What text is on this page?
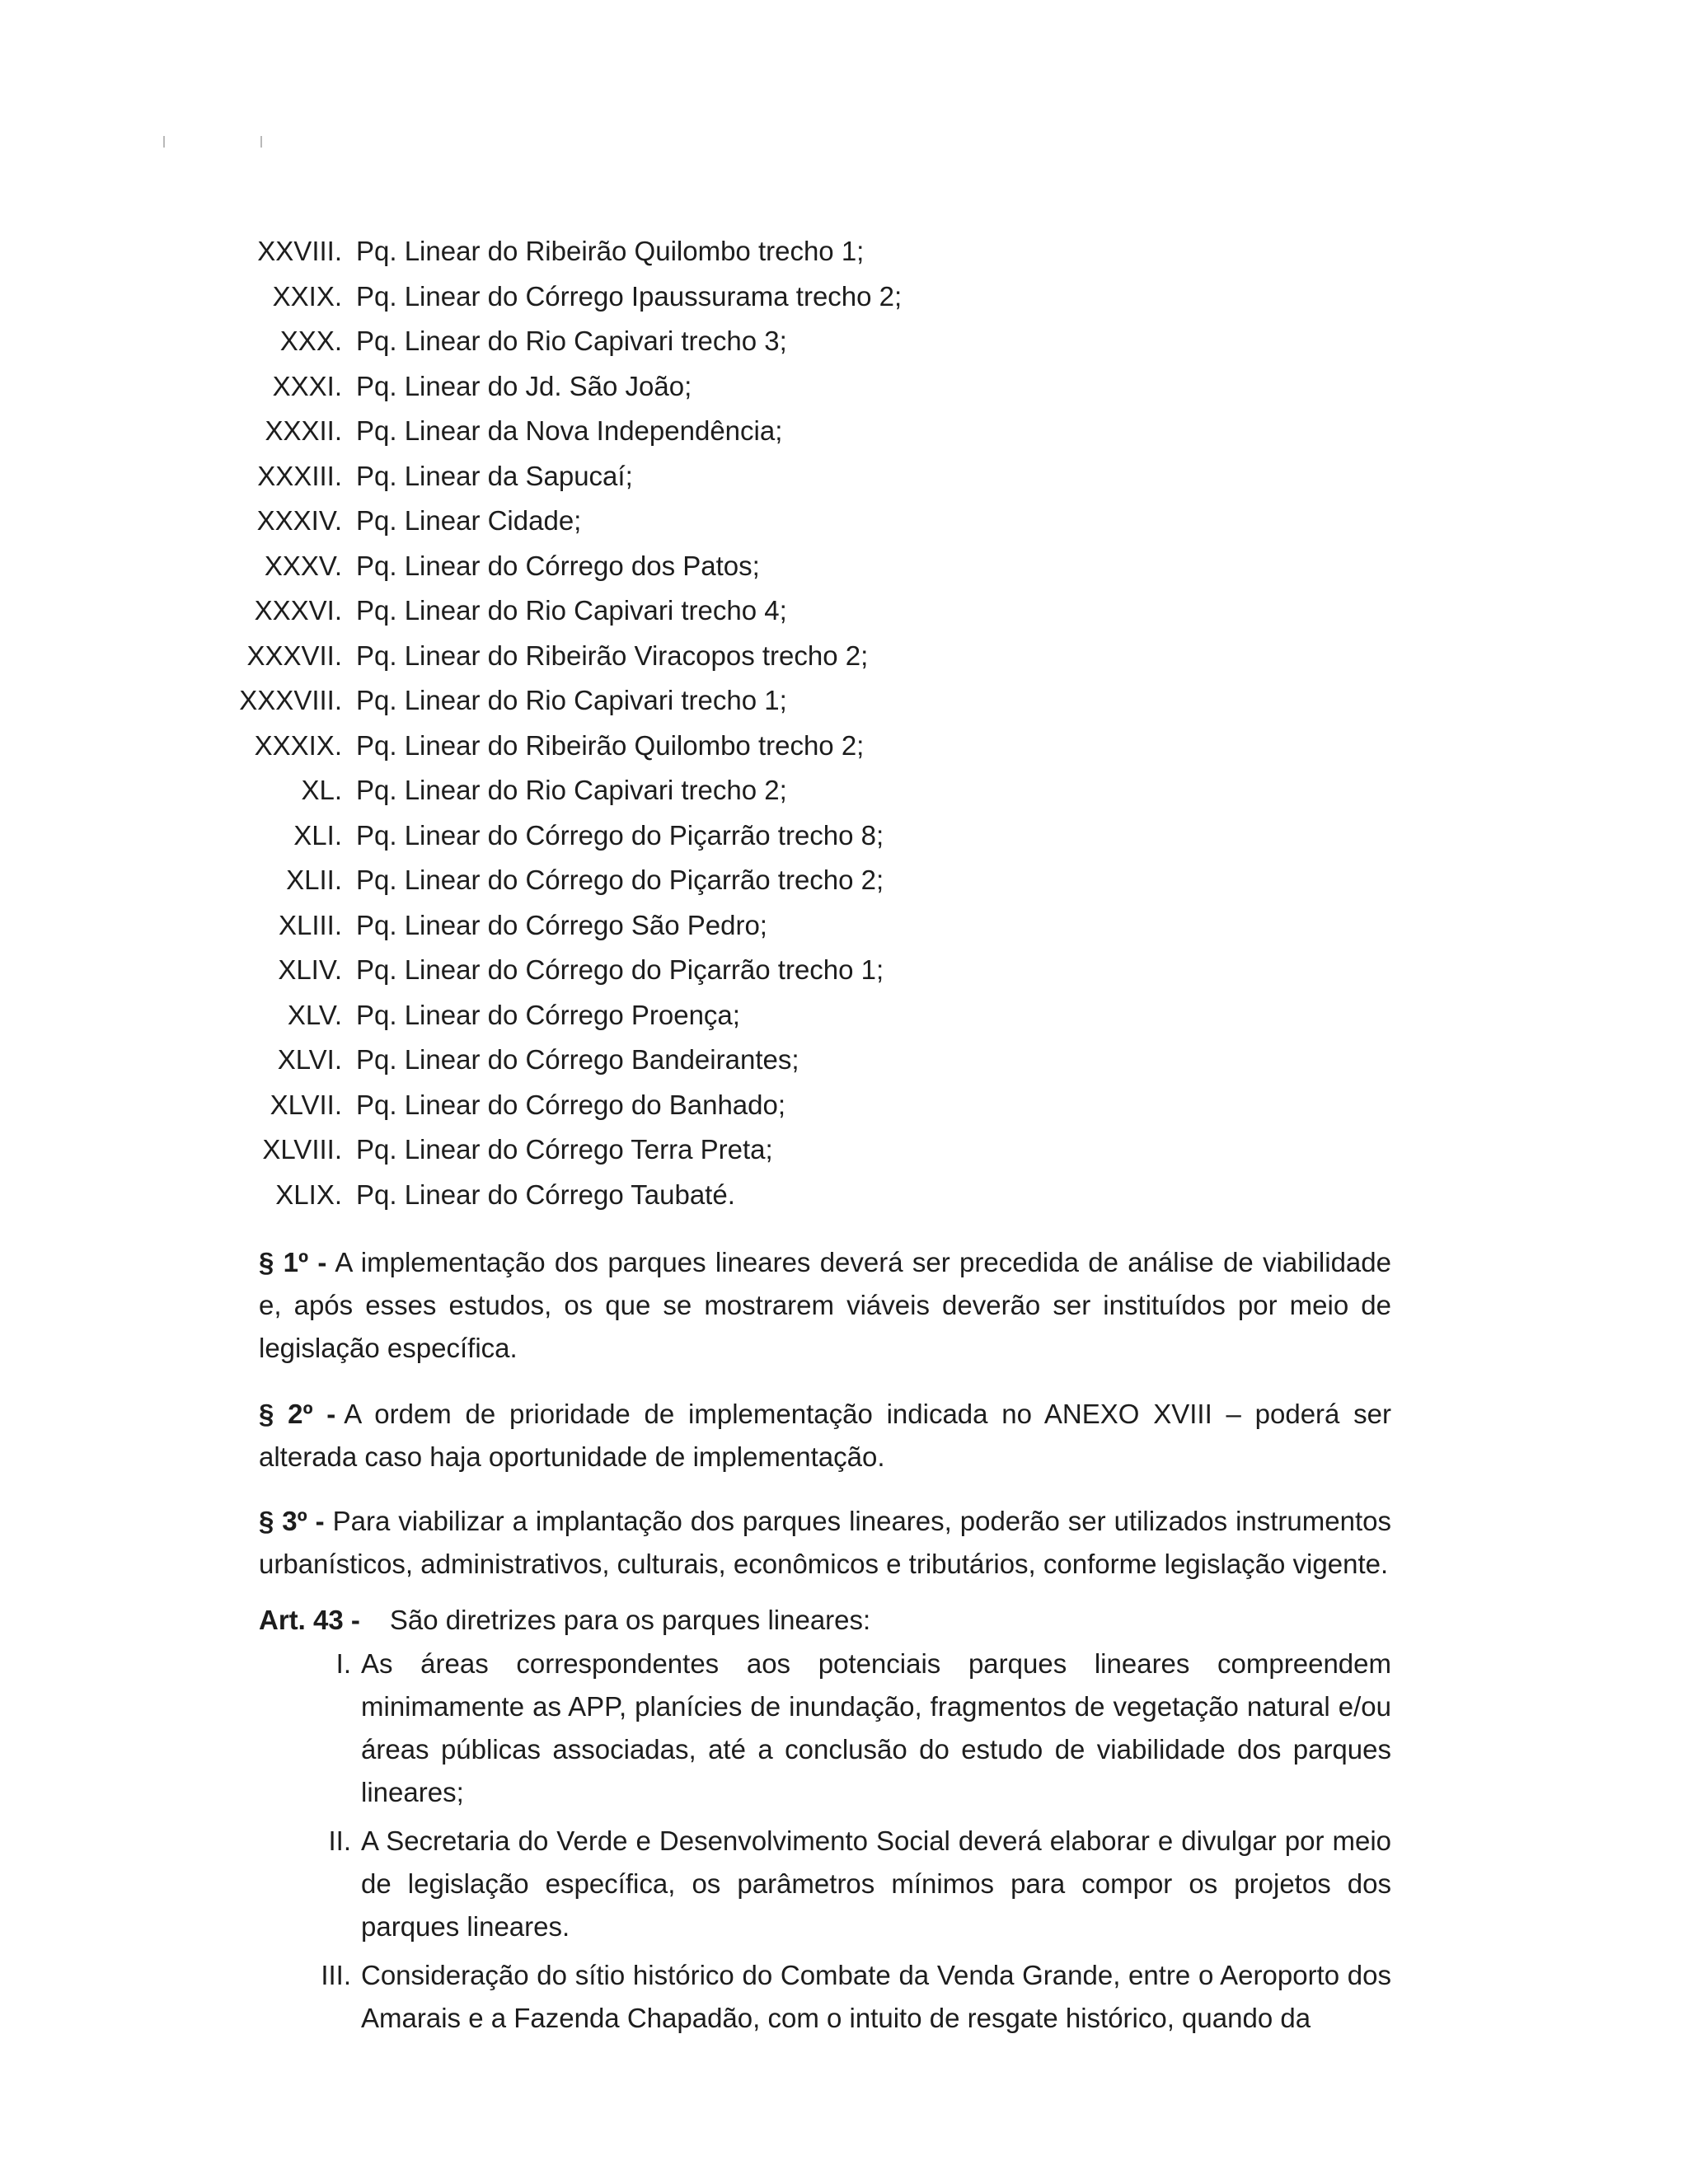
XXVIII. Pq. Linear do Ribeirão Quilombo trecho 1;
XXIX. Pq. Linear do Córrego Ipaussurama trecho 2;
XXX. Pq. Linear do Rio Capivari trecho 3;
XXXI. Pq. Linear do Jd. São João;
XXXII. Pq. Linear da Nova Independência;
XXXIII. Pq. Linear da Sapucaí;
XXXIV. Pq. Linear Cidade;
XXXV. Pq. Linear do Córrego dos Patos;
XXXVI. Pq. Linear do Rio Capivari trecho 4;
XXXVII. Pq. Linear do Ribeirão Viracopos trecho 2;
XXXVIII. Pq. Linear do Rio Capivari trecho 1;
XXXIX. Pq. Linear do Ribeirão Quilombo trecho 2;
XL. Pq. Linear do Rio Capivari trecho 2;
XLI. Pq. Linear do Córrego do Piçarrão trecho 8;
XLII. Pq. Linear do Córrego do Piçarrão trecho 2;
XLIII. Pq. Linear do Córrego São Pedro;
XLIV. Pq. Linear do Córrego do Piçarrão trecho 1;
XLV. Pq. Linear do Córrego Proença;
XLVI. Pq. Linear do Córrego Bandeirantes;
XLVII. Pq. Linear do Córrego do Banhado;
XLVIII. Pq. Linear do Córrego Terra Preta;
XLIX. Pq. Linear do Córrego Taubaté.

§ 1º - A implementação dos parques lineares deverá ser precedida de análise de viabilidade e, após esses estudos, os que se mostrarem viáveis deverão ser instituídos por meio de legislação específica.

§ 2º - A ordem de prioridade de implementação indicada no ANEXO XVIII – poderá ser alterada caso haja oportunidade de implementação.

§ 3º - Para viabilizar a implantação dos parques lineares, poderão ser utilizados instrumentos urbanísticos, administrativos, culturais, econômicos e tributários, conforme legislação vigente.

Art. 43 - São diretrizes para os parques lineares:

I. As áreas correspondentes aos potenciais parques lineares compreendem minimamente as APP, planícies de inundação, fragmentos de vegetação natural e/ou áreas públicas associadas, até a conclusão do estudo de viabilidade dos parques lineares;
II. A Secretaria do Verde e Desenvolvimento Social deverá elaborar e divulgar por meio de legislação específica, os parâmetros mínimos para compor os projetos dos parques lineares.
III. Consideração do sítio histórico do Combate da Venda Grande, entre o Aeroporto dos Amarais e a Fazenda Chapadão, com o intuito de resgate histórico, quando da
